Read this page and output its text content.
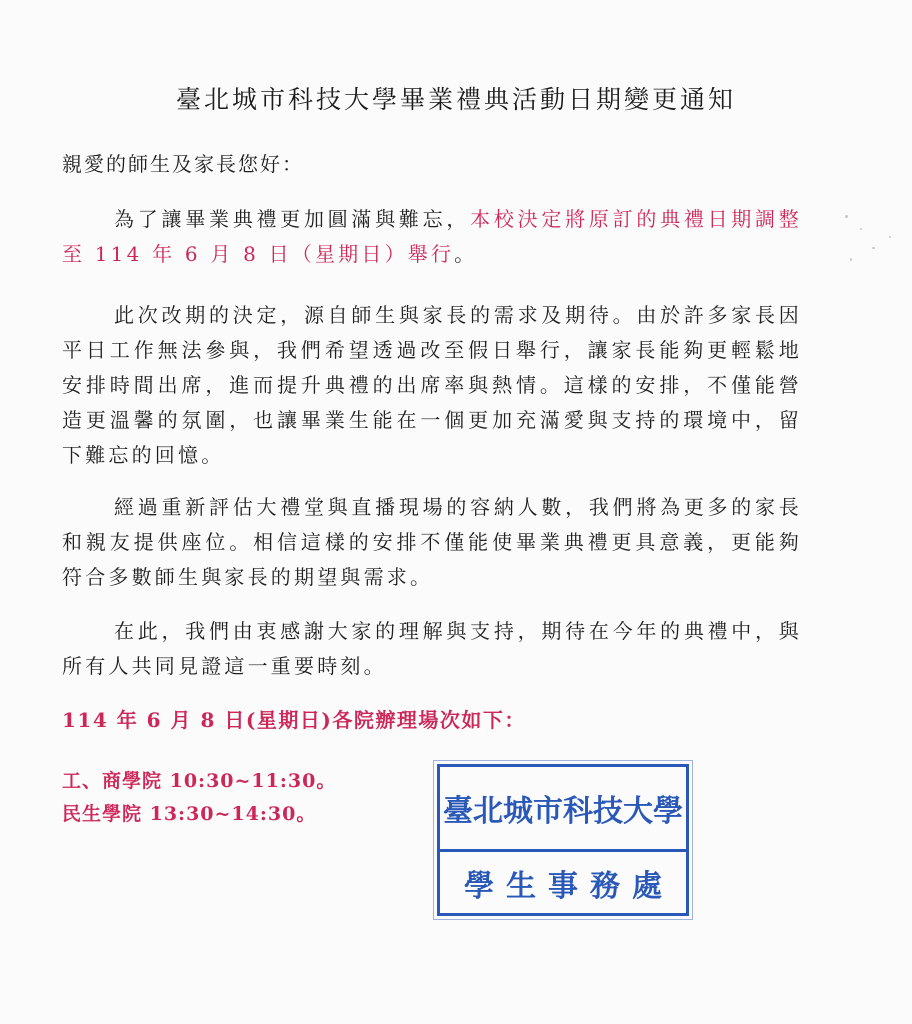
臺北城市科技大學畢業禮典活動日期變更通知
親愛的師生及家長您好：

為了讓畢業典禮更加圓滿與難忘，本校決定將原訂的典禮日期調整至 114 年 6 月 8 日（星期日）舉行。

此次改期的決定，源自師生與家長的需求及期待。由於許多家長因平日工作無法參與，我們希望透過改至假日舉行，讓家長能夠更輕鬆地安排時間出席，進而提升典禮的出席率與熱情。這樣的安排，不僅能營造更溫馨的氛圍，也讓畢業生能在一個更加充滿愛與支持的環境中，留下難忘的回憶。

經過重新評估大禮堂與直播現場的容納人數，我們將為更多的家長和親友提供座位。相信這樣的安排不僅能使畢業典禮更具意義，更能夠符合多數師生與家長的期望與需求。

在此，我們由衷感謝大家的理解與支持，期待在今年的典禮中，與所有人共同見證這一重要時刻。

114 年 6 月 8 日(星期日)各院辦理場次如下：
工、商學院 10:30~11:30。
民生學院 13:30~14:30。	臺北城市科技大學
學生事務處
